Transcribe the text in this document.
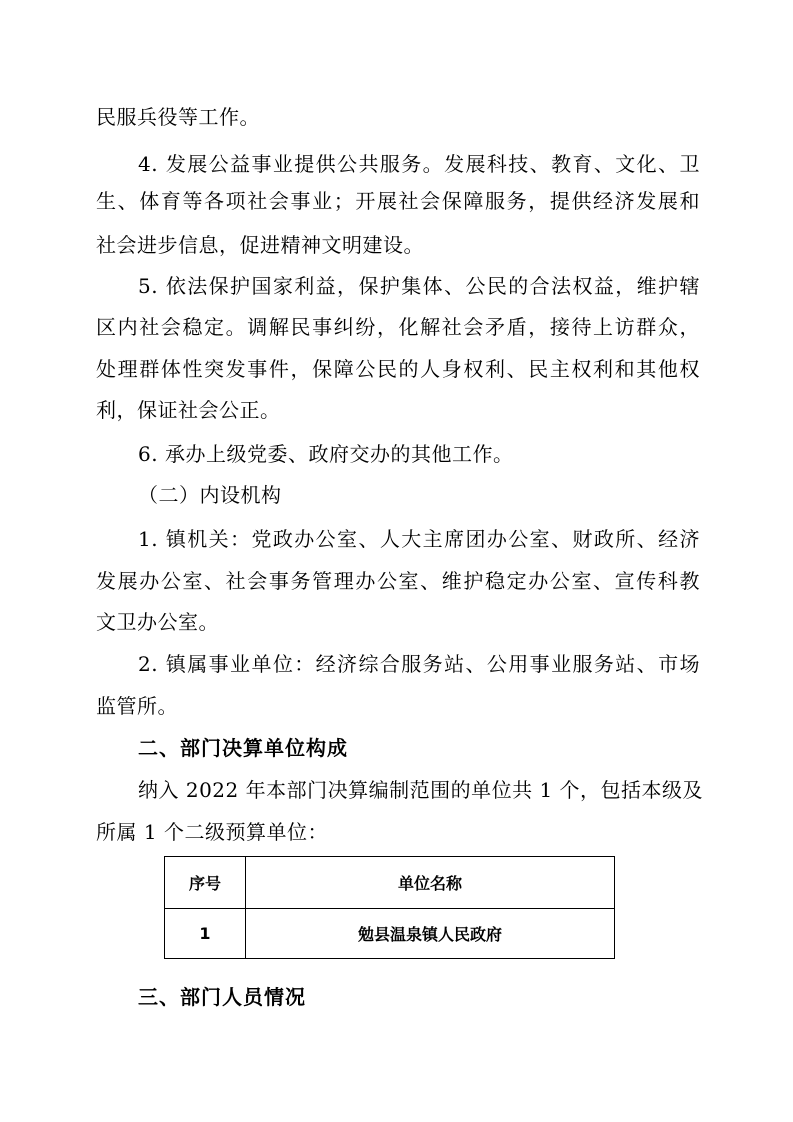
民服兵役等工作。
4. 发展公益事业提供公共服务。发展科技、教育、文化、卫
生、体育等各项社会事业；开展社会保障服务，提供经济发展和
社会进步信息，促进精神文明建设。
5. 依法保护国家利益，保护集体、公民的合法权益，维护辖
区内社会稳定。调解民事纠纷，化解社会矛盾，接待上访群众，
处理群体性突发事件，保障公民的人身权利、民主权利和其他权
利，保证社会公正。
6. 承办上级党委、政府交办的其他工作。
（二）内设机构
1. 镇机关：党政办公室、人大主席团办公室、财政所、经济
发展办公室、社会事务管理办公室、维护稳定办公室、宣传科教
文卫办公室。
2. 镇属事业单位：经济综合服务站、公用事业服务站、市场
监管所。
二、部门决算单位构成
纳入 2022 年本部门决算编制范围的单位共 1 个，包括本级及
所属 1 个二级预算单位：
序号	单位名称
1	勉县温泉镇人民政府
三、部门人员情况
